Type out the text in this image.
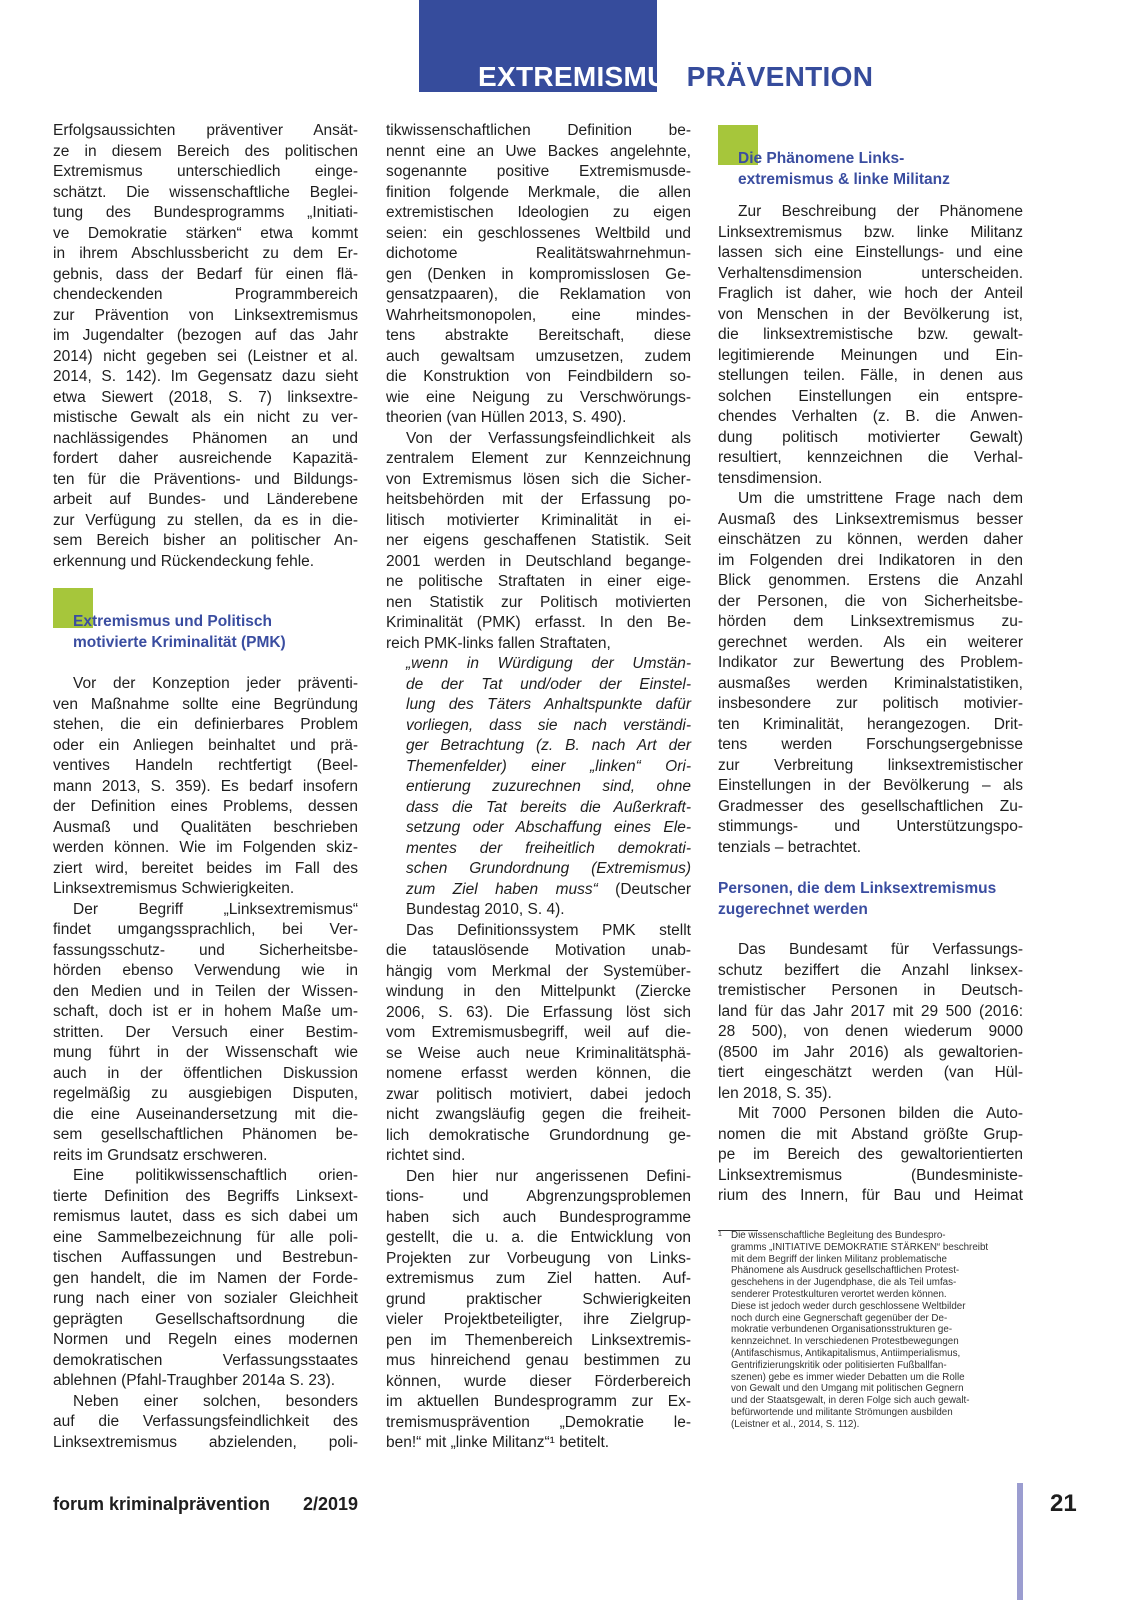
EXTREMISMUSPRÄVENTION
Erfolgsaussichten präventiver Ansät-
ze in diesem Bereich des politischen
Extremismus unterschiedlich einge-
schätzt. Die wissenschaftliche Beglei-
tung des Bundesprogramms „Initiati-
ve Demokratie stärken“ etwa kommt
in ihrem Abschlussbericht zu dem Er-
gebnis, dass der Bedarf für einen flä-
chendeckenden Programmbereich
zur Prävention von Linksextremismus
im Jugendalter (bezogen auf das Jahr
2014) nicht gegeben sei (Leistner et al.
2014, S. 142). Im Gegensatz dazu sieht
etwa Siewert (2018, S. 7) linksextre-
mistische Gewalt als ein nicht zu ver-
nachlässigendes Phänomen an und
fordert daher ausreichende Kapazitä-
ten für die Präventions- und Bildungs-
arbeit auf Bundes- und Länderebene
zur Verfügung zu stellen, da es in die-
sem Bereich bisher an politischer An-
erkennung und Rückendeckung fehle.
Extremismus und Politisch
motivierte Kriminalität (PMK)
Vor der Konzeption jeder präventi-
ven Maßnahme sollte eine Begründung
stehen, die ein definierbares Problem
oder ein Anliegen beinhaltet und prä-
ventives Handeln rechtfertigt (Beel-
mann 2013, S. 359). Es bedarf insofern
der Definition eines Problems, dessen
Ausmaß und Qualitäten beschrieben
werden können. Wie im Folgenden skiz-
ziert wird, bereitet beides im Fall des
Linksextremismus Schwierigkeiten.
Der Begriff „Linksextremismus“
findet umgangssprachlich, bei Ver-
fassungsschutz- und Sicherheitsbe-
hörden ebenso Verwendung wie in
den Medien und in Teilen der Wissen-
schaft, doch ist er in hohem Maße um-
stritten. Der Versuch einer Bestim-
mung führt in der Wissenschaft wie
auch in der öffentlichen Diskussion
regelmäßig zu ausgiebigen Disputen,
die eine Auseinandersetzung mit die-
sem gesellschaftlichen Phänomen be-
reits im Grundsatz erschweren.
Eine politikwissenschaftlich orien-
tierte Definition des Begriffs Linksext-
remismus lautet, dass es sich dabei um
eine Sammelbezeichnung für alle poli-
tischen Auffassungen und Bestrebun-
gen handelt, die im Namen der Forde-
rung nach einer von sozialer Gleichheit
geprägten Gesellschaftsordnung die
Normen und Regeln eines modernen
demokratischen Verfassungsstaates
ablehnen (Pfahl-Traughber 2014a S. 23).
Neben einer solchen, besonders
auf die Verfassungsfeindlichkeit des
Linksextremismus abzielenden, poli-
tikwissenschaftlichen Definition be-
nennt eine an Uwe Backes angelehnte,
sogenannte positive Extremismusde-
finition folgende Merkmale, die allen
extremistischen Ideologien zu eigen
seien: ein geschlossenes Weltbild und
dichotome Realitätswahrnehmun-
gen (Denken in kompromisslosen Ge-
gensatzpaaren), die Reklamation von
Wahrheitsmonopolen, eine mindes-
tens abstrakte Bereitschaft, diese
auch gewaltsam umzusetzen, zudem
die Konstruktion von Feindbildern so-
wie eine Neigung zu Verschwörungs-
theorien (van Hüllen 2013, S. 490).
Von der Verfassungsfeindlichkeit als
zentralem Element zur Kennzeichnung
von Extremismus lösen sich die Sicher-
heitsbehörden mit der Erfassung po-
litisch motivierter Kriminalität in ei-
ner eigens geschaffenen Statistik. Seit
2001 werden in Deutschland begange-
ne politische Straftaten in einer eige-
nen Statistik zur Politisch motivierten
Kriminalität (PMK) erfasst. In den Be-
reich PMK-links fallen Straftaten,
„wenn in Würdigung der Umstän-
de der Tat und/oder der Einstel-
lung des Täters Anhaltspunkte dafür
vorliegen, dass sie nach verständi-
ger Betrachtung (z. B. nach Art der
Themenfelder) einer „linken“ Ori-
entierung zuzurechnen sind, ohne
dass die Tat bereits die Außerkraft-
setzung oder Abschaffung eines Ele-
mentes der freiheitlich demokrati-
schen Grundordnung (Extremismus)
zum Ziel haben muss“ (Deutscher
Bundestag 2010, S. 4).
Das Definitionssystem PMK stellt
die tatauslösende Motivation unab-
hängig vom Merkmal der Systemüber-
windung in den Mittelpunkt (Ziercke
2006, S. 63). Die Erfassung löst sich
vom Extremismusbegriff, weil auf die-
se Weise auch neue Kriminalitätsphä-
nomene erfasst werden können, die
zwar politisch motiviert, dabei jedoch
nicht zwangsläufig gegen die freiheit-
lich demokratische Grundordnung ge-
richtet sind.
Den hier nur angerissenen Defini-
tions- und Abgrenzungsproblemen
haben sich auch Bundesprogramme
gestellt, die u. a. die Entwicklung von
Projekten zur Vorbeugung von Links-
extremismus zum Ziel hatten. Auf-
grund praktischer Schwierigkeiten
vieler Projektbeteiligter, ihre Zielgrup-
pen im Themenbereich Linksextremis-
mus hinreichend genau bestimmen zu
können, wurde dieser Förderbereich
im aktuellen Bundesprogramm zur Ex-
tremismusprävention „Demokratie le-
ben!“ mit „linke Militanz“¹ betitelt.
Die Phänomene Links-
extremismus & linke Militanz
Zur Beschreibung der Phänomene
Linksextremismus bzw. linke Militanz
lassen sich eine Einstellungs- und eine
Verhaltensdimension unterscheiden.
Fraglich ist daher, wie hoch der Anteil
von Menschen in der Bevölkerung ist,
die linksextremistische bzw. gewalt-
legitimierende Meinungen und Ein-
stellungen teilen. Fälle, in denen aus
solchen Einstellungen ein entspre-
chendes Verhalten (z. B. die Anwen-
dung politisch motivierter Gewalt)
resultiert, kennzeichnen die Verhal-
tensdimension.
Um die umstrittene Frage nach dem
Ausmaß des Linksextremismus besser
einschätzen zu können, werden daher
im Folgenden drei Indikatoren in den
Blick genommen. Erstens die Anzahl
der Personen, die von Sicherheitsbe-
hörden dem Linksextremismus zu-
gerechnet werden. Als ein weiterer
Indikator zur Bewertung des Problem-
ausmaßes werden Kriminalstatistiken,
insbesondere zur politisch motivier-
ten Kriminalität, herangezogen. Drit-
tens werden Forschungsergebnisse
zur Verbreitung linksextremistischer
Einstellungen in der Bevölkerung – als
Gradmesser des gesellschaftlichen Zu-
stimmungs- und Unterstützungspo-
tenzials – betrachtet.
Personen, die dem Linksextremismus
zugerechnet werden
Das Bundesamt für Verfassungs-
schutz beziffert die Anzahl linksex-
tremistischer Personen in Deutsch-
land für das Jahr 2017 mit 29 500 (2016:
28 500), von denen wiederum 9000
(8500 im Jahr 2016) als gewaltorien-
tiert eingeschätzt werden (van Hül-
len 2018, S. 35).
Mit 7000 Personen bilden die Auto-
nomen die mit Abstand größte Grup-
pe im Bereich des gewaltorientierten
Linksextremismus (Bundesministe-
rium des Innern, für Bau und Heimat
1 Die wissenschaftliche Begleitung des Bundespro-
gramms „INITIATIVE DEMOKRATIE STÄRKEN“ beschreibt
mit dem Begriff der linken Militanz problematische
Phänomene als Ausdruck gesellschaftlichen Protest-
geschehens in der Jugendphase, die als Teil umfas-
senderer Protestkulturen verortet werden können.
Diese ist jedoch weder durch geschlossene Weltbilder
noch durch eine Gegnerschaft gegenüber der De-
mokratie verbundenen Organisationsstrukturen ge-
kennzeichnet. In verschiedenen Protestbewegungen
(Antifaschismus, Antikapitalismus, Antiimperialismus,
Gentrifizierungskritik oder politisierten Fußballfan-
szenen) gebe es immer wieder Debatten um die Rolle
von Gewalt und den Umgang mit politischen Gegnern
und der Staatsgewalt, in deren Folge sich auch gewalt-
befürwortende und militante Strömungen ausbilden
(Leistner et al., 2014, S. 112).
forum kriminalprävention 2/2019	21
